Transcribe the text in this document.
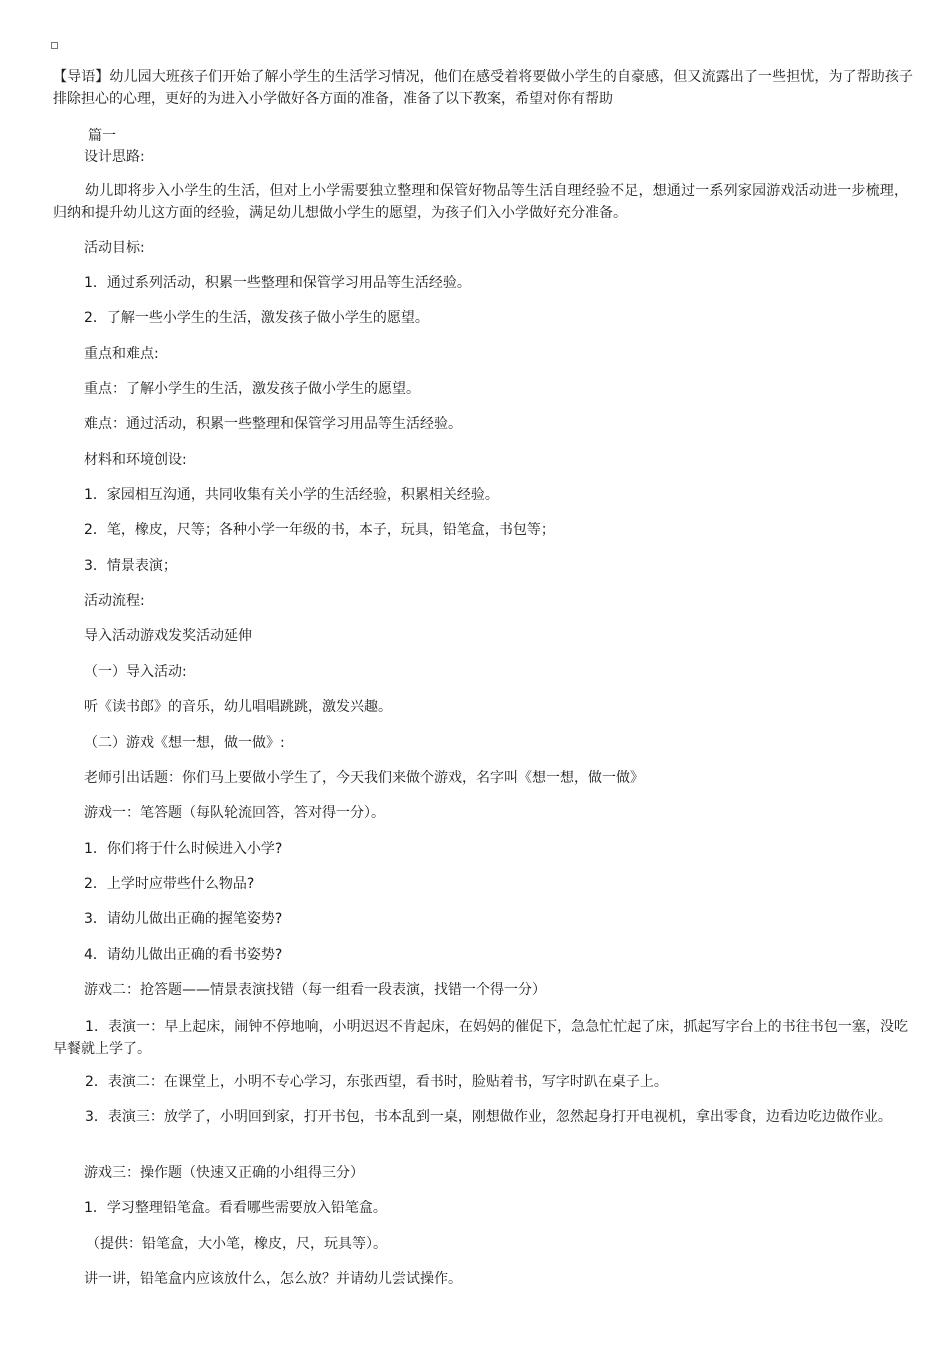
【导语】幼儿园大班孩子们开始了解小学生的生活学习情况，他们在感受着将要做小学生的自豪感，但又流露出了一些担忧，为了帮助孩子排除担心的心理，更好的为进入小学做好各方面的准备，准备了以下教案，希望对你有帮助
篇一
设计思路:
幼儿即将步入小学生的生活，但对上小学需要独立整理和保管好物品等生活自理经验不足，想通过一系列家园游戏活动进一步梳理，归纳和提升幼儿这方面的经验，满足幼儿想做小学生的愿望，为孩子们入小学做好充分准备。
活动目标:
1．通过系列活动，积累一些整理和保管学习用品等生活经验。
2．了解一些小学生的生活，激发孩子做小学生的愿望。
重点和难点:
重点：了解小学生的生活，激发孩子做小学生的愿望。
难点：通过活动，积累一些整理和保管学习用品等生活经验。
材料和环境创设:
1．家园相互沟通，共同收集有关小学的生活经验，积累相关经验。
2．笔，橡皮，尺等；各种小学一年级的书，本子，玩具，铅笔盒，书包等；
3．情景表演；
活动流程:
导入活动游戏发奖活动延伸
（一）导入活动:
听《读书郎》的音乐，幼儿唱唱跳跳，激发兴趣。
（二）游戏《想一想，做一做》:
老师引出话题：你们马上要做小学生了，今天我们来做个游戏，名字叫《想一想，做一做》
游戏一：笔答题（每队轮流回答，答对得一分）。
1．你们将于什么时候进入小学?
2．上学时应带些什么物品?
3．请幼儿做出正确的握笔姿势?
4．请幼儿做出正确的看书姿势?
游戏二：抢答题——情景表演找错（每一组看一段表演，找错一个得一分）
1．表演一：早上起床，闹钟不停地响，小明迟迟不肯起床，在妈妈的催促下，急急忙忙起了床，抓起写字台上的书往书包一塞，没吃早餐就上学了。
2．表演二：在课堂上，小明不专心学习，东张西望，看书时，脸贴着书，写字时趴在桌子上。
3．表演三：放学了，小明回到家，打开书包，书本乱到一桌，刚想做作业，忽然起身打开电视机，拿出零食，边看边吃边做作业。
游戏三：操作题（快速又正确的小组得三分）
1．学习整理铅笔盒。看看哪些需要放入铅笔盒。
（提供：铅笔盒，大小笔，橡皮，尺，玩具等）。
讲一讲，铅笔盒内应该放什么，怎么放？并请幼儿尝试操作。
